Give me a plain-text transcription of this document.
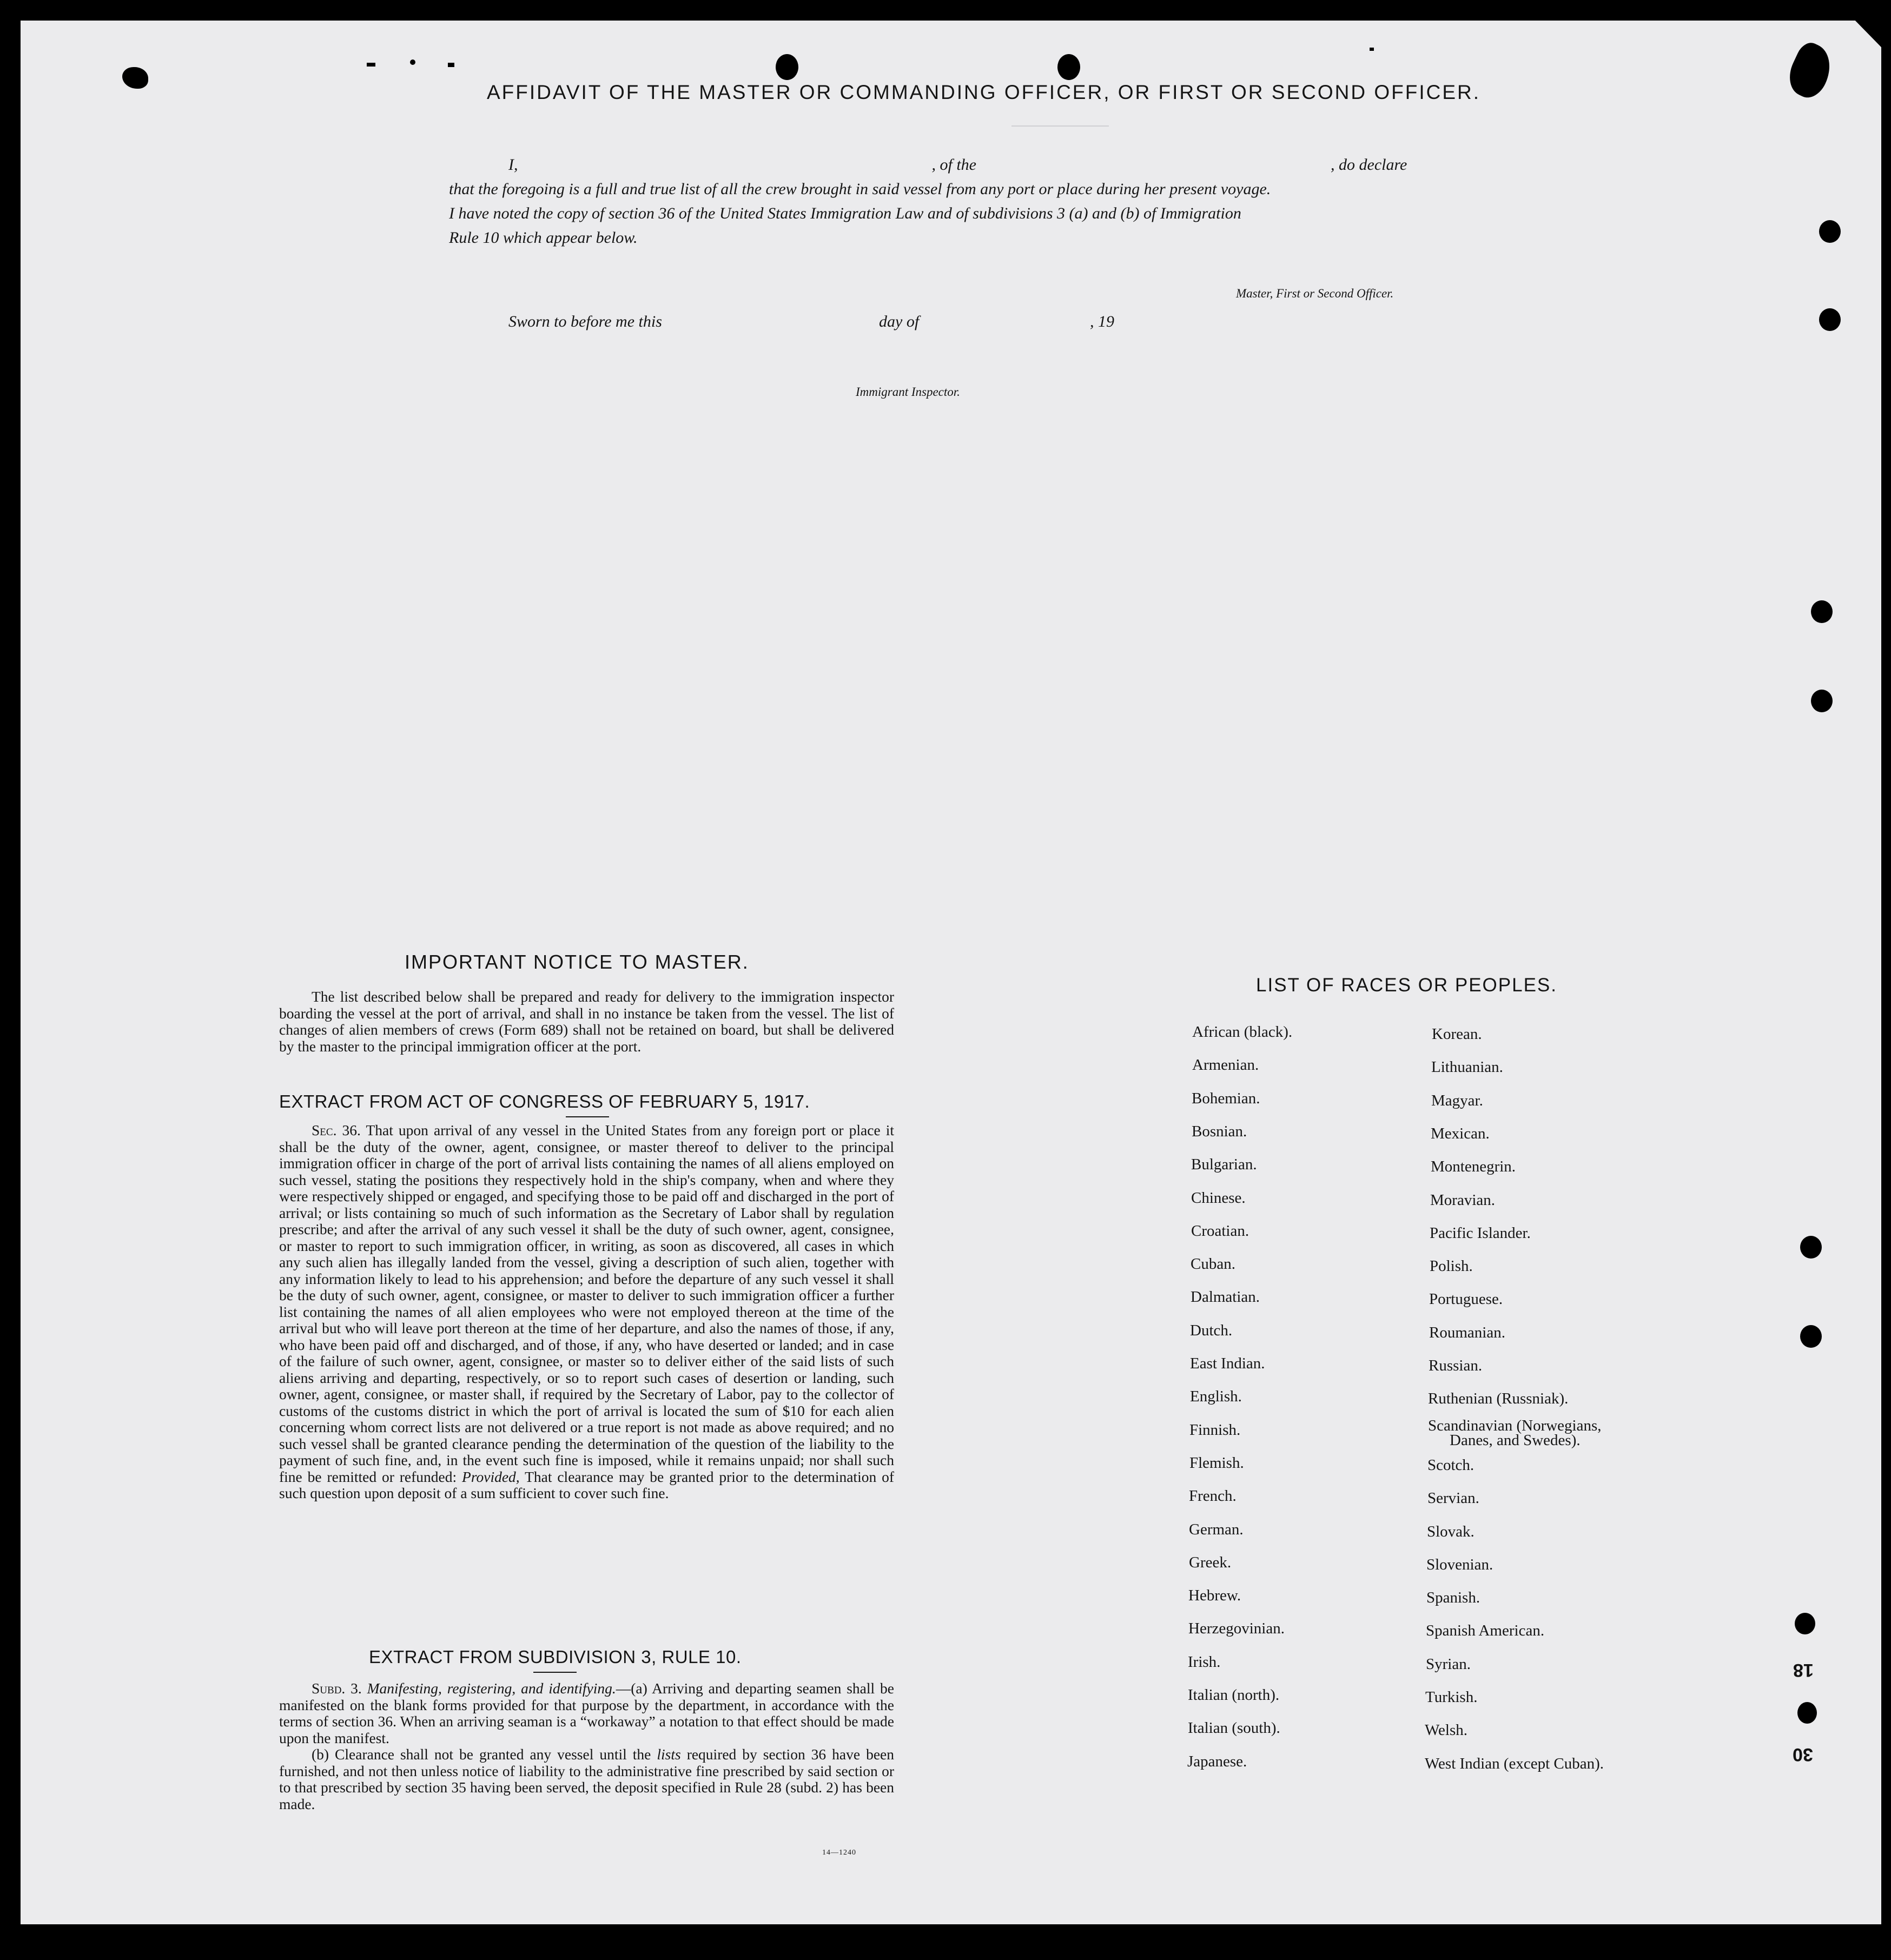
18
30
AFFIDAVIT OF THE MASTER OR COMMANDING OFFICER, OR FIRST OR SECOND OFFICER.
I,	, of the	, do declare
that the foregoing is a full and true list of all the crew brought in said vessel from any port or place during her present voyage.
I have noted the copy of section 36 of the United States Immigration Law and of subdivisions 3 (a) and (b) of Immigration
Rule 10 which appear below.
Master, First or Second Officer.
Sworn to before me this	day of	, 19
Immigrant Inspector.
IMPORTANT NOTICE TO MASTER.

The list described below shall be prepared and ready for delivery to the immigration inspector boarding the vessel at the port of arrival, and shall in no instance be taken from the vessel. The list of changes of alien members of crews (Form 689) shall not be retained on board, but shall be delivered by the master to the principal immigration officer at the port.

EXTRACT FROM ACT OF CONGRESS OF FEBRUARY 5, 1917.

Sec. 36. That upon arrival of any vessel in the United States from any foreign port or place it shall be the duty of the owner, agent, consignee, or master thereof to deliver to the principal immigration officer in charge of the port of arrival lists containing the names of all aliens employed on such vessel, stating the positions they respectively hold in the ship's company, when and where they were respectively shipped or engaged, and specifying those to be paid off and discharged in the port of arrival; or lists containing so much of such information as the Secretary of Labor shall by regulation prescribe; and after the arrival of any such vessel it shall be the duty of such owner, agent, consignee, or master to report to such immigration officer, in writing, as soon as discovered, all cases in which any such alien has illegally landed from the vessel, giving a description of such alien, together with any information likely to lead to his apprehension; and before the departure of any such vessel it shall be the duty of such owner, agent, consignee, or master to deliver to such immigration officer a further list containing the names of all alien employees who were not employed thereon at the time of the arrival but who will leave port thereon at the time of her departure, and also the names of those, if any, who have been paid off and discharged, and of those, if any, who have deserted or landed; and in case of the failure of such owner, agent, consignee, or master so to deliver either of the said lists of such aliens arriving and departing, respectively, or so to report such cases of desertion or landing, such owner, agent, consignee, or master shall, if required by the Secretary of Labor, pay to the collector of customs of the customs district in which the port of arrival is located the sum of $10 for each alien concerning whom correct lists are not delivered or a true report is not made as above required; and no such vessel shall be granted clearance pending the determination of the question of the liability to the payment of such fine, and, in the event such fine is imposed, while it remains unpaid; nor shall such fine be remitted or refunded: Provided, That clearance may be granted prior to the determination of such question upon deposit of a sum sufficient to cover such fine.

EXTRACT FROM SUBDIVISION 3, RULE 10.

Subd. 3. Manifesting, registering, and identifying.—(a) Arriving and departing seamen shall be manifested on the blank forms provided for that purpose by the department, in accordance with the terms of section 36. When an arriving seaman is a “workaway” a notation to that effect should be made upon the manifest.

(b) Clearance shall not be granted any vessel until the lists required by section 36 have been furnished, and not then unless notice of liability to the administrative fine prescribed by said section or to that prescribed by section 35 having been served, the deposit specified in Rule 28 (subd. 2) has been made.

14—1240
LIST OF RACES OR PEOPLES.
African (black).
Armenian.
Bohemian.
Bosnian.
Bulgarian.
Chinese.
Croatian.
Cuban.
Dalmatian.
Dutch.
East Indian.
English.
Finnish.
Flemish.
French.
German.
Greek.
Hebrew.
Herzegovinian.
Irish.
Italian (north).
Italian (south).
Japanese.
Korean.
Lithuanian.
Magyar.
Mexican.
Montenegrin.
Moravian.
Pacific Islander.
Polish.
Portuguese.
Roumanian.
Russian.
Ruthenian (Russniak).
Scandinavian (Norwegians,
Danes, and Swedes).
Scotch.
Servian.
Slovak.
Slovenian.
Spanish.
Spanish American.
Syrian.
Turkish.
Welsh.
West Indian (except Cuban).
